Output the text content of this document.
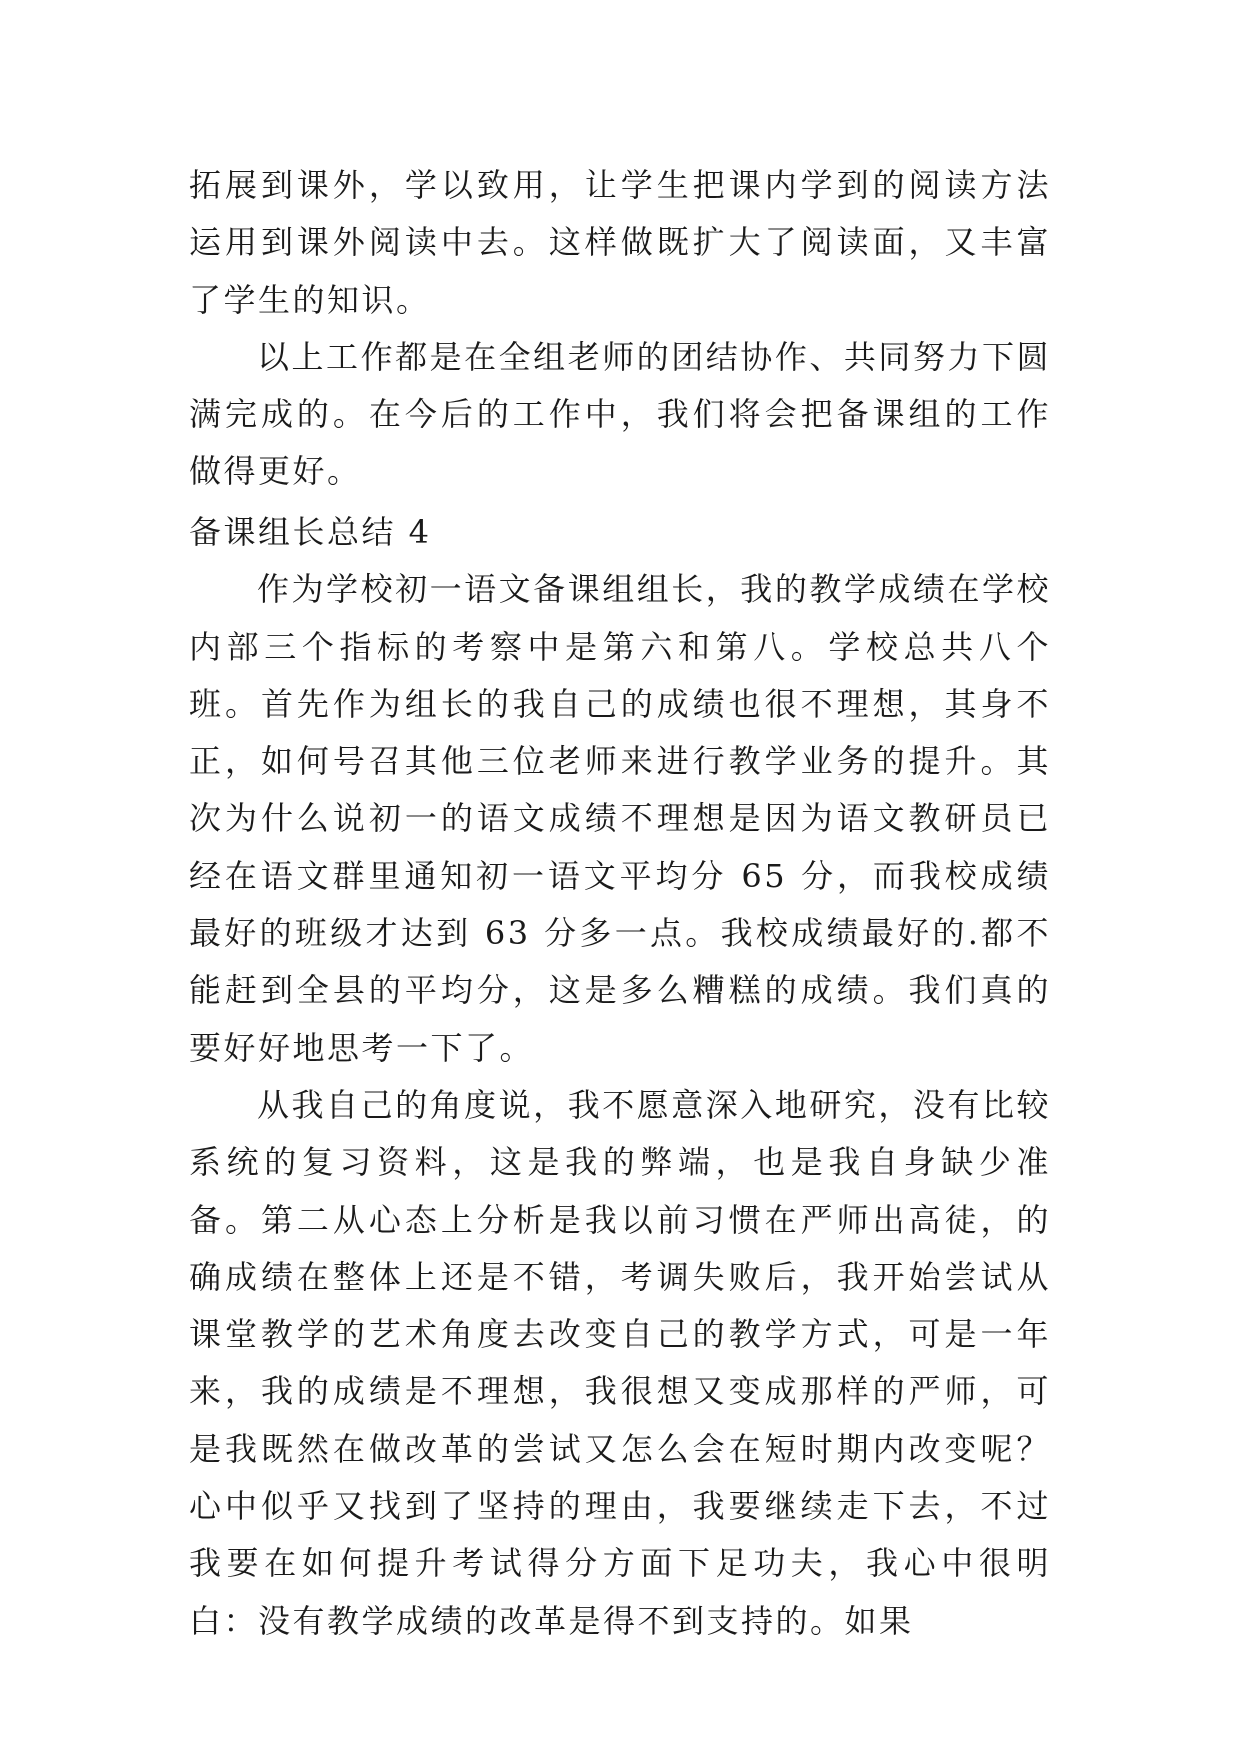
拓展到课外，学以致用，让学生把课内学到的阅读方法运用到课外阅读中去。这样做既扩大了阅读面，又丰富了学生的知识。

以上工作都是在全组老师的团结协作、共同努力下圆满完成的。在今后的工作中，我们将会把备课组的工作做得更好。

备课组长总结 4

作为学校初一语文备课组组长，我的教学成绩在学校内部三个指标的考察中是第六和第八。学校总共八个班。首先作为组长的我自己的成绩也很不理想，其身不正，如何号召其他三位老师来进行教学业务的提升。其次为什么说初一的语文成绩不理想是因为语文教研员已经在语文群里通知初一语文平均分 65 分，而我校成绩最好的班级才达到 63 分多一点。我校成绩最好的.都不能赶到全县的平均分，这是多么糟糕的成绩。我们真的要好好地思考一下了。

从我自己的角度说，我不愿意深入地研究，没有比较系统的复习资料，这是我的弊端，也是我自身缺少准备。第二从心态上分析是我以前习惯在严师出高徒，的确成绩在整体上还是不错，考调失败后，我开始尝试从课堂教学的艺术角度去改变自己的教学方式，可是一年来，我的成绩是不理想，我很想又变成那样的严师，可是我既然在做改革的尝试又怎么会在短时期内改变呢？心中似乎又找到了坚持的理由，我要继续走下去，不过我要在如何提升考试得分方面下足功夫，我心中很明白：没有教学成绩的改革是得不到支持的。如果
